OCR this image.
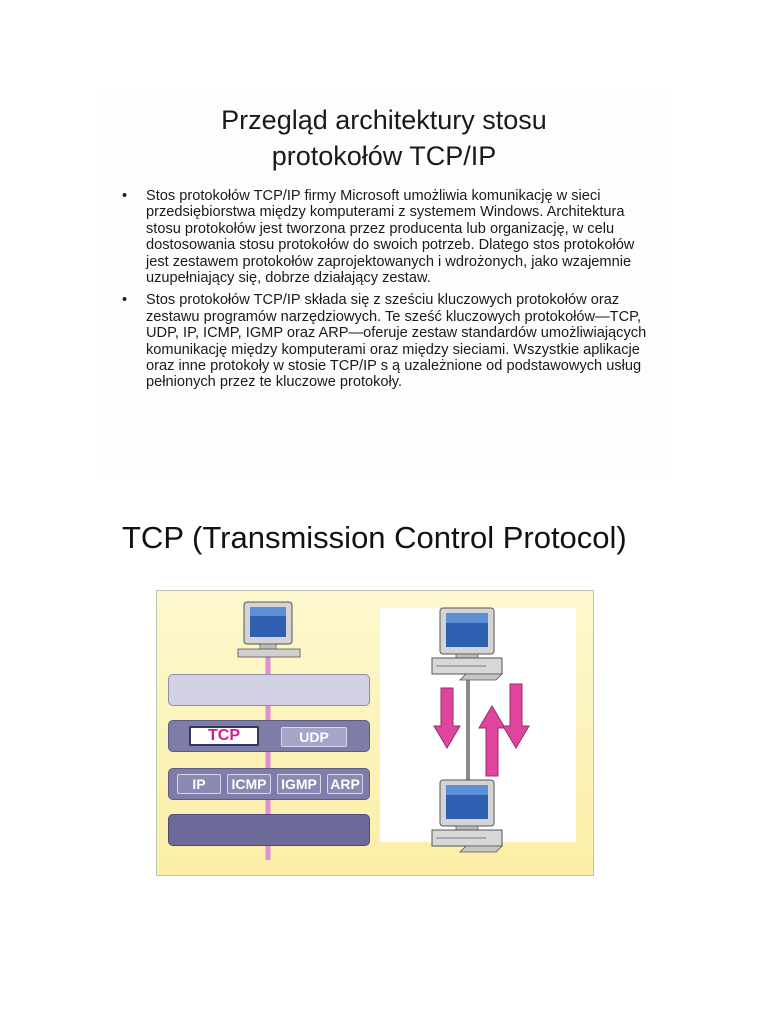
Przegląd architektury stosu
protokołów TCP/IP
• Stos protokołów TCP/IP firmy Microsoft umożliwia komunikację w sieci przedsiębiorstwa między komputerami z systemem Windows. Architektura stosu protokołów jest tworzona przez producenta lub organizację, w celu dostosowania stosu protokołów do swoich potrzeb. Dlatego stos protokołów jest zestawem protokołów zaprojektowanych i wdrożonych, jako wzajemnie uzupełniający się, dobrze działający zestaw.
• Stos protokołów TCP/IP składa się z sześciu kluczowych protokołów oraz zestawu programów narzędziowych. Te sześć kluczowych protokołów—TCP, UDP, IP, ICMP, IGMP oraz ARP—oferuje zestaw standardów umożliwiających komunikację między komputerami oraz między sieciami. Wszystkie aplikacje oraz inne protokoły w stosie TCP/IP s ą uzależnione od podstawowych usług pełnionych przez te kluczowe protokoły.
TCP (Transmission Control Protocol)
TCP	UDP
IP	ICMP	IGMP ARP
